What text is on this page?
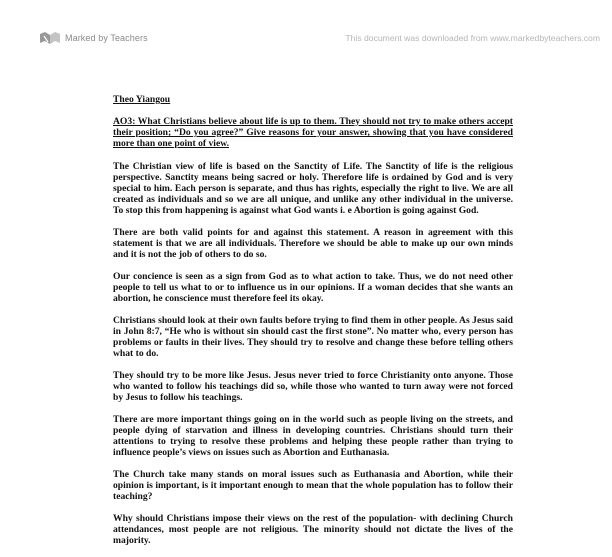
Marked by Teachers	This document was downloaded from www.markedbyteachers.com

Theo Yiangou

AO3: What Christians believe about life is up to them. They should not try to make others accept their position; “Do you agree?” Give reasons for your answer, showing that you have considered more than one point of view.

The Christian view of life is based on the Sanctity of Life. The Sanctity of life is the religious perspective. Sanctity means being sacred or holy. Therefore life is ordained by God and is very special to him. Each person is separate, and thus has rights, especially the right to live. We are all created as individuals and so we are all unique, and unlike any other individual in the universe. To stop this from happening is against what God wants i. e Abortion is going against God.

There are both valid points for and against this statement. A reason in agreement with this statement is that we are all individuals. Therefore we should be able to make up our own minds and it is not the job of others to do so.

Our concience is seen as a sign from God as to what action to take. Thus, we do not need other people to tell us what to or to influence us in our opinions. If a woman decides that she wants an abortion, he conscience must therefore feel its okay.

Christians should look at their own faults before trying to find them in other people. As Jesus said in John 8:7, “He who is without sin should cast the first stone”. No matter who, every person has problems or faults in their lives. They should try to resolve and change these before telling others what to do.

They should try to be more like Jesus. Jesus never tried to force Christianity onto anyone. Those who wanted to follow his teachings did so, while those who wanted to turn away were not forced by Jesus to follow his teachings.

There are more important things going on in the world such as people living on the streets, and people dying of starvation and illness in developing countries. Christians should turn their attentions to trying to resolve these problems and helping these people rather than trying to influence people’s views on issues such as Abortion and Euthanasia.

The Church take many stands on moral issues such as Euthanasia and Abortion, while their opinion is important, is it important enough to mean that the whole population has to follow their teaching?

Why should Christians impose their views on the rest of the population- with declining Church attendances, most people are not religious. The minority should not dictate the lives of the majority.
